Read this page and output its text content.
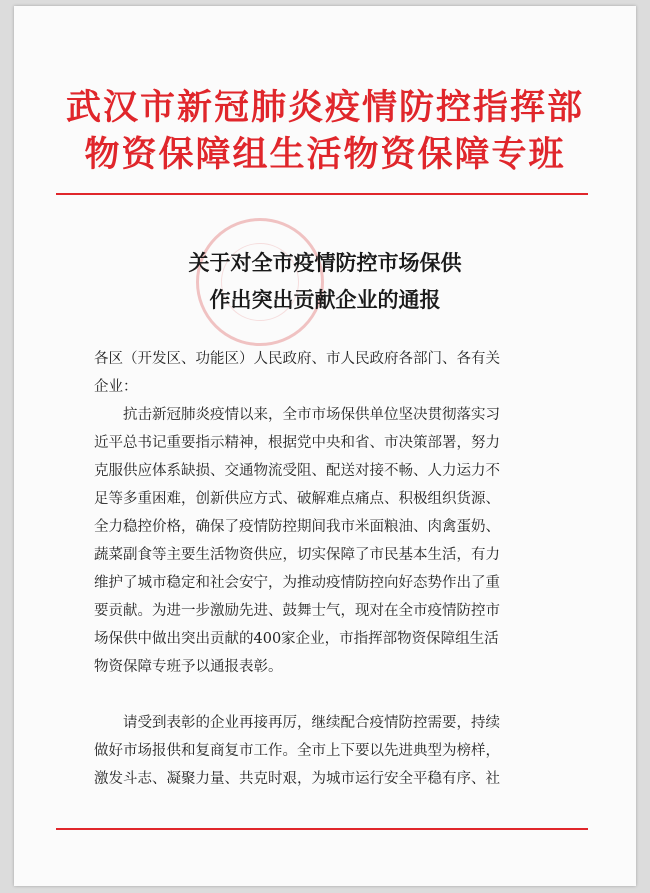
武汉市新冠肺炎疫情防控指挥部
物资保障组生活物资保障专班
关于对全市疫情防控市场保供
作出突出贡献企业的通报
各区（开发区、功能区）人民政府、市人民政府各部门、各有关
企业：
　　抗击新冠肺炎疫情以来，全市市场保供单位坚决贯彻落实习
近平总书记重要指示精神，根据党中央和省、市决策部署，努力
克服供应体系缺损、交通物流受阻、配送对接不畅、人力运力不
足等多重困难，创新供应方式、破解难点痛点、积极组织货源、
全力稳控价格，确保了疫情防控期间我市米面粮油、肉禽蛋奶、
蔬菜副食等主要生活物资供应，切实保障了市民基本生活，有力
维护了城市稳定和社会安宁，为推动疫情防控向好态势作出了重
要贡献。为进一步激励先进、鼓舞士气，现对在全市疫情防控市
场保供中做出突出贡献的400家企业，市指挥部物资保障组生活
物资保障专班予以通报表彰。
　　请受到表彰的企业再接再厉，继续配合疫情防控需要，持续
做好市场报供和复商复市工作。全市上下要以先进典型为榜样，
激发斗志、凝聚力量、共克时艰，为城市运行安全平稳有序、社
